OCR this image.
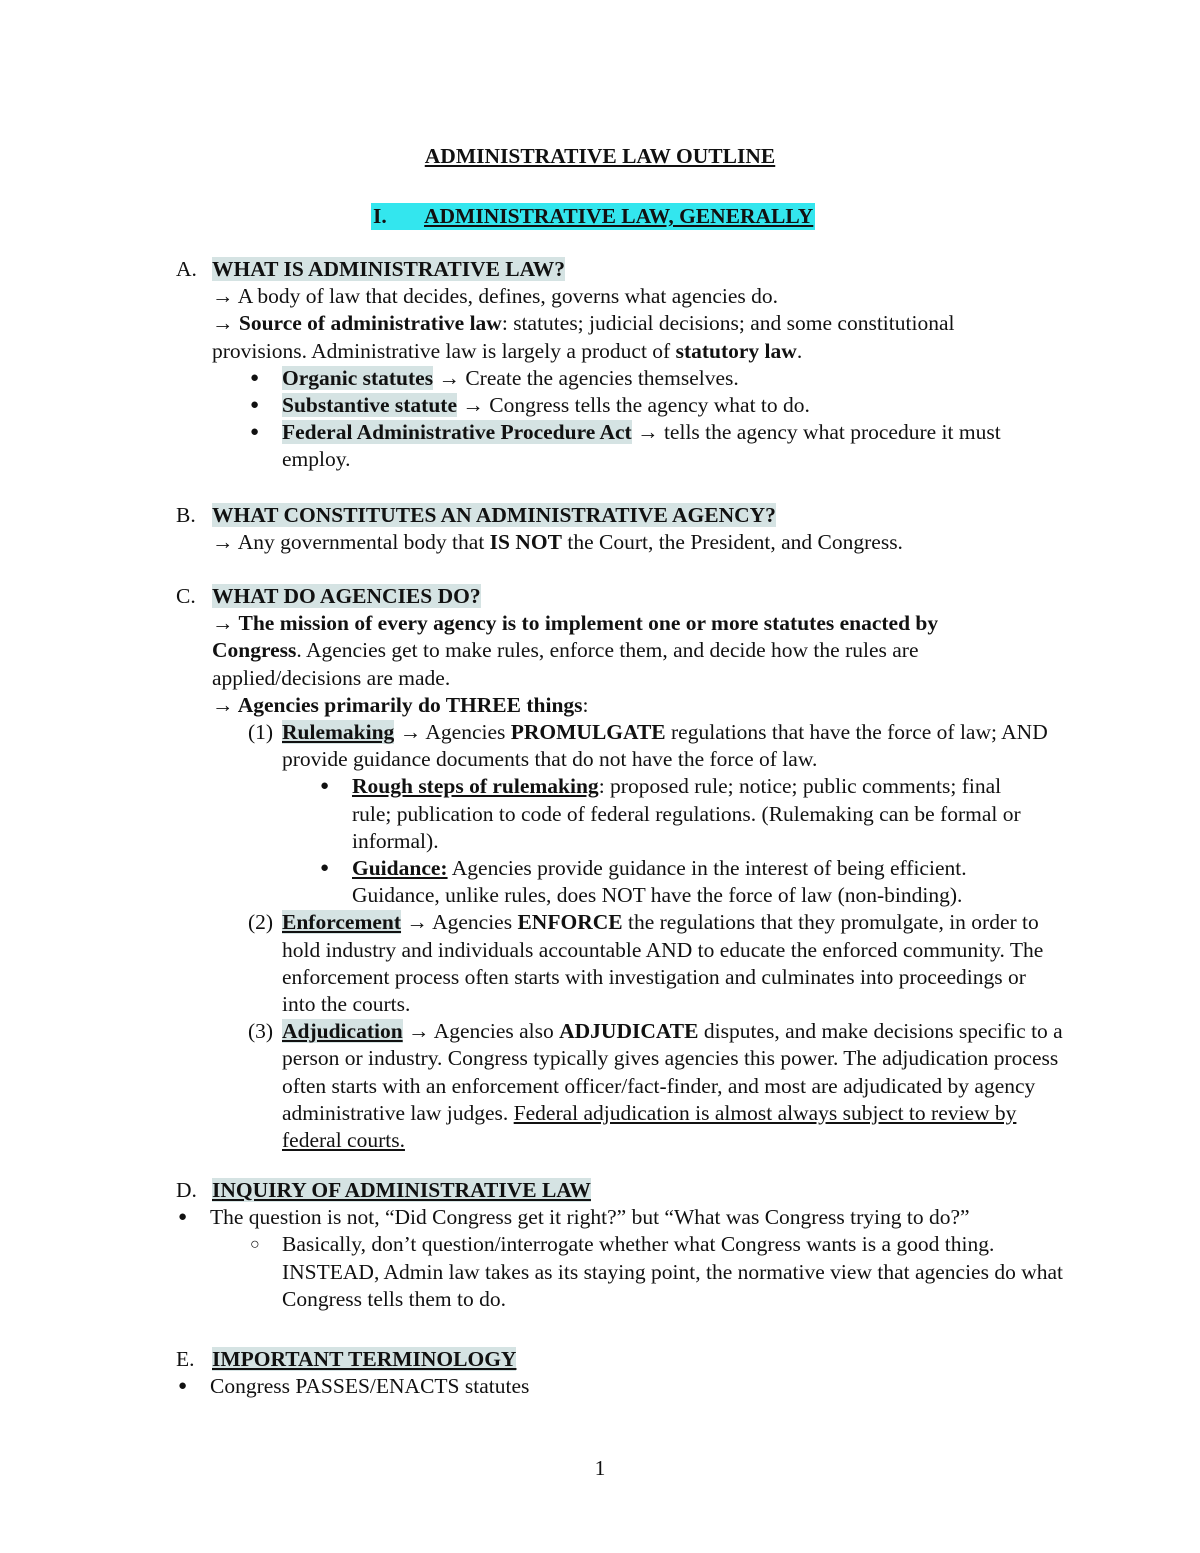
ADMINISTRATIVE LAW OUTLINE
I. ADMINISTRATIVE LAW, GENERALLY
A. WHAT IS ADMINISTRATIVE LAW?
→ A body of law that decides, defines, governs what agencies do.
→ Source of administrative law: statutes; judicial decisions; and some constitutional provisions. Administrative law is largely a product of statutory law.
● Organic statutes → Create the agencies themselves.
● Substantive statute → Congress tells the agency what to do.
● Federal Administrative Procedure Act → tells the agency what procedure it must employ.
B. WHAT CONSTITUTES AN ADMINISTRATIVE AGENCY?
→ Any governmental body that IS NOT the Court, the President, and Congress.
C. WHAT DO AGENCIES DO?
→ The mission of every agency is to implement one or more statutes enacted by Congress. Agencies get to make rules, enforce them, and decide how the rules are applied/decisions are made.
→ Agencies primarily do THREE things:
(1) Rulemaking → Agencies PROMULGATE regulations that have the force of law; AND provide guidance documents that do not have the force of law.
● Rough steps of rulemaking: proposed rule; notice; public comments; final rule; publication to code of federal regulations. (Rulemaking can be formal or informal).
● Guidance: Agencies provide guidance in the interest of being efficient. Guidance, unlike rules, does NOT have the force of law (non-binding).
(2) Enforcement → Agencies ENFORCE the regulations that they promulgate, in order to hold industry and individuals accountable AND to educate the enforced community. The enforcement process often starts with investigation and culminates into proceedings or into the courts.
(3) Adjudication → Agencies also ADJUDICATE disputes, and make decisions specific to a person or industry. Congress typically gives agencies this power. The adjudication process often starts with an enforcement officer/fact-finder, and most are adjudicated by agency administrative law judges. Federal adjudication is almost always subject to review by federal courts.
D. INQUIRY OF ADMINISTRATIVE LAW
● The question is not, “Did Congress get it right?” but “What was Congress trying to do?”
○ Basically, don’t question/interrogate whether what Congress wants is a good thing. INSTEAD, Admin law takes as its staying point, the normative view that agencies do what Congress tells them to do.
E. IMPORTANT TERMINOLOGY
● Congress PASSES/ENACTS statutes
1
